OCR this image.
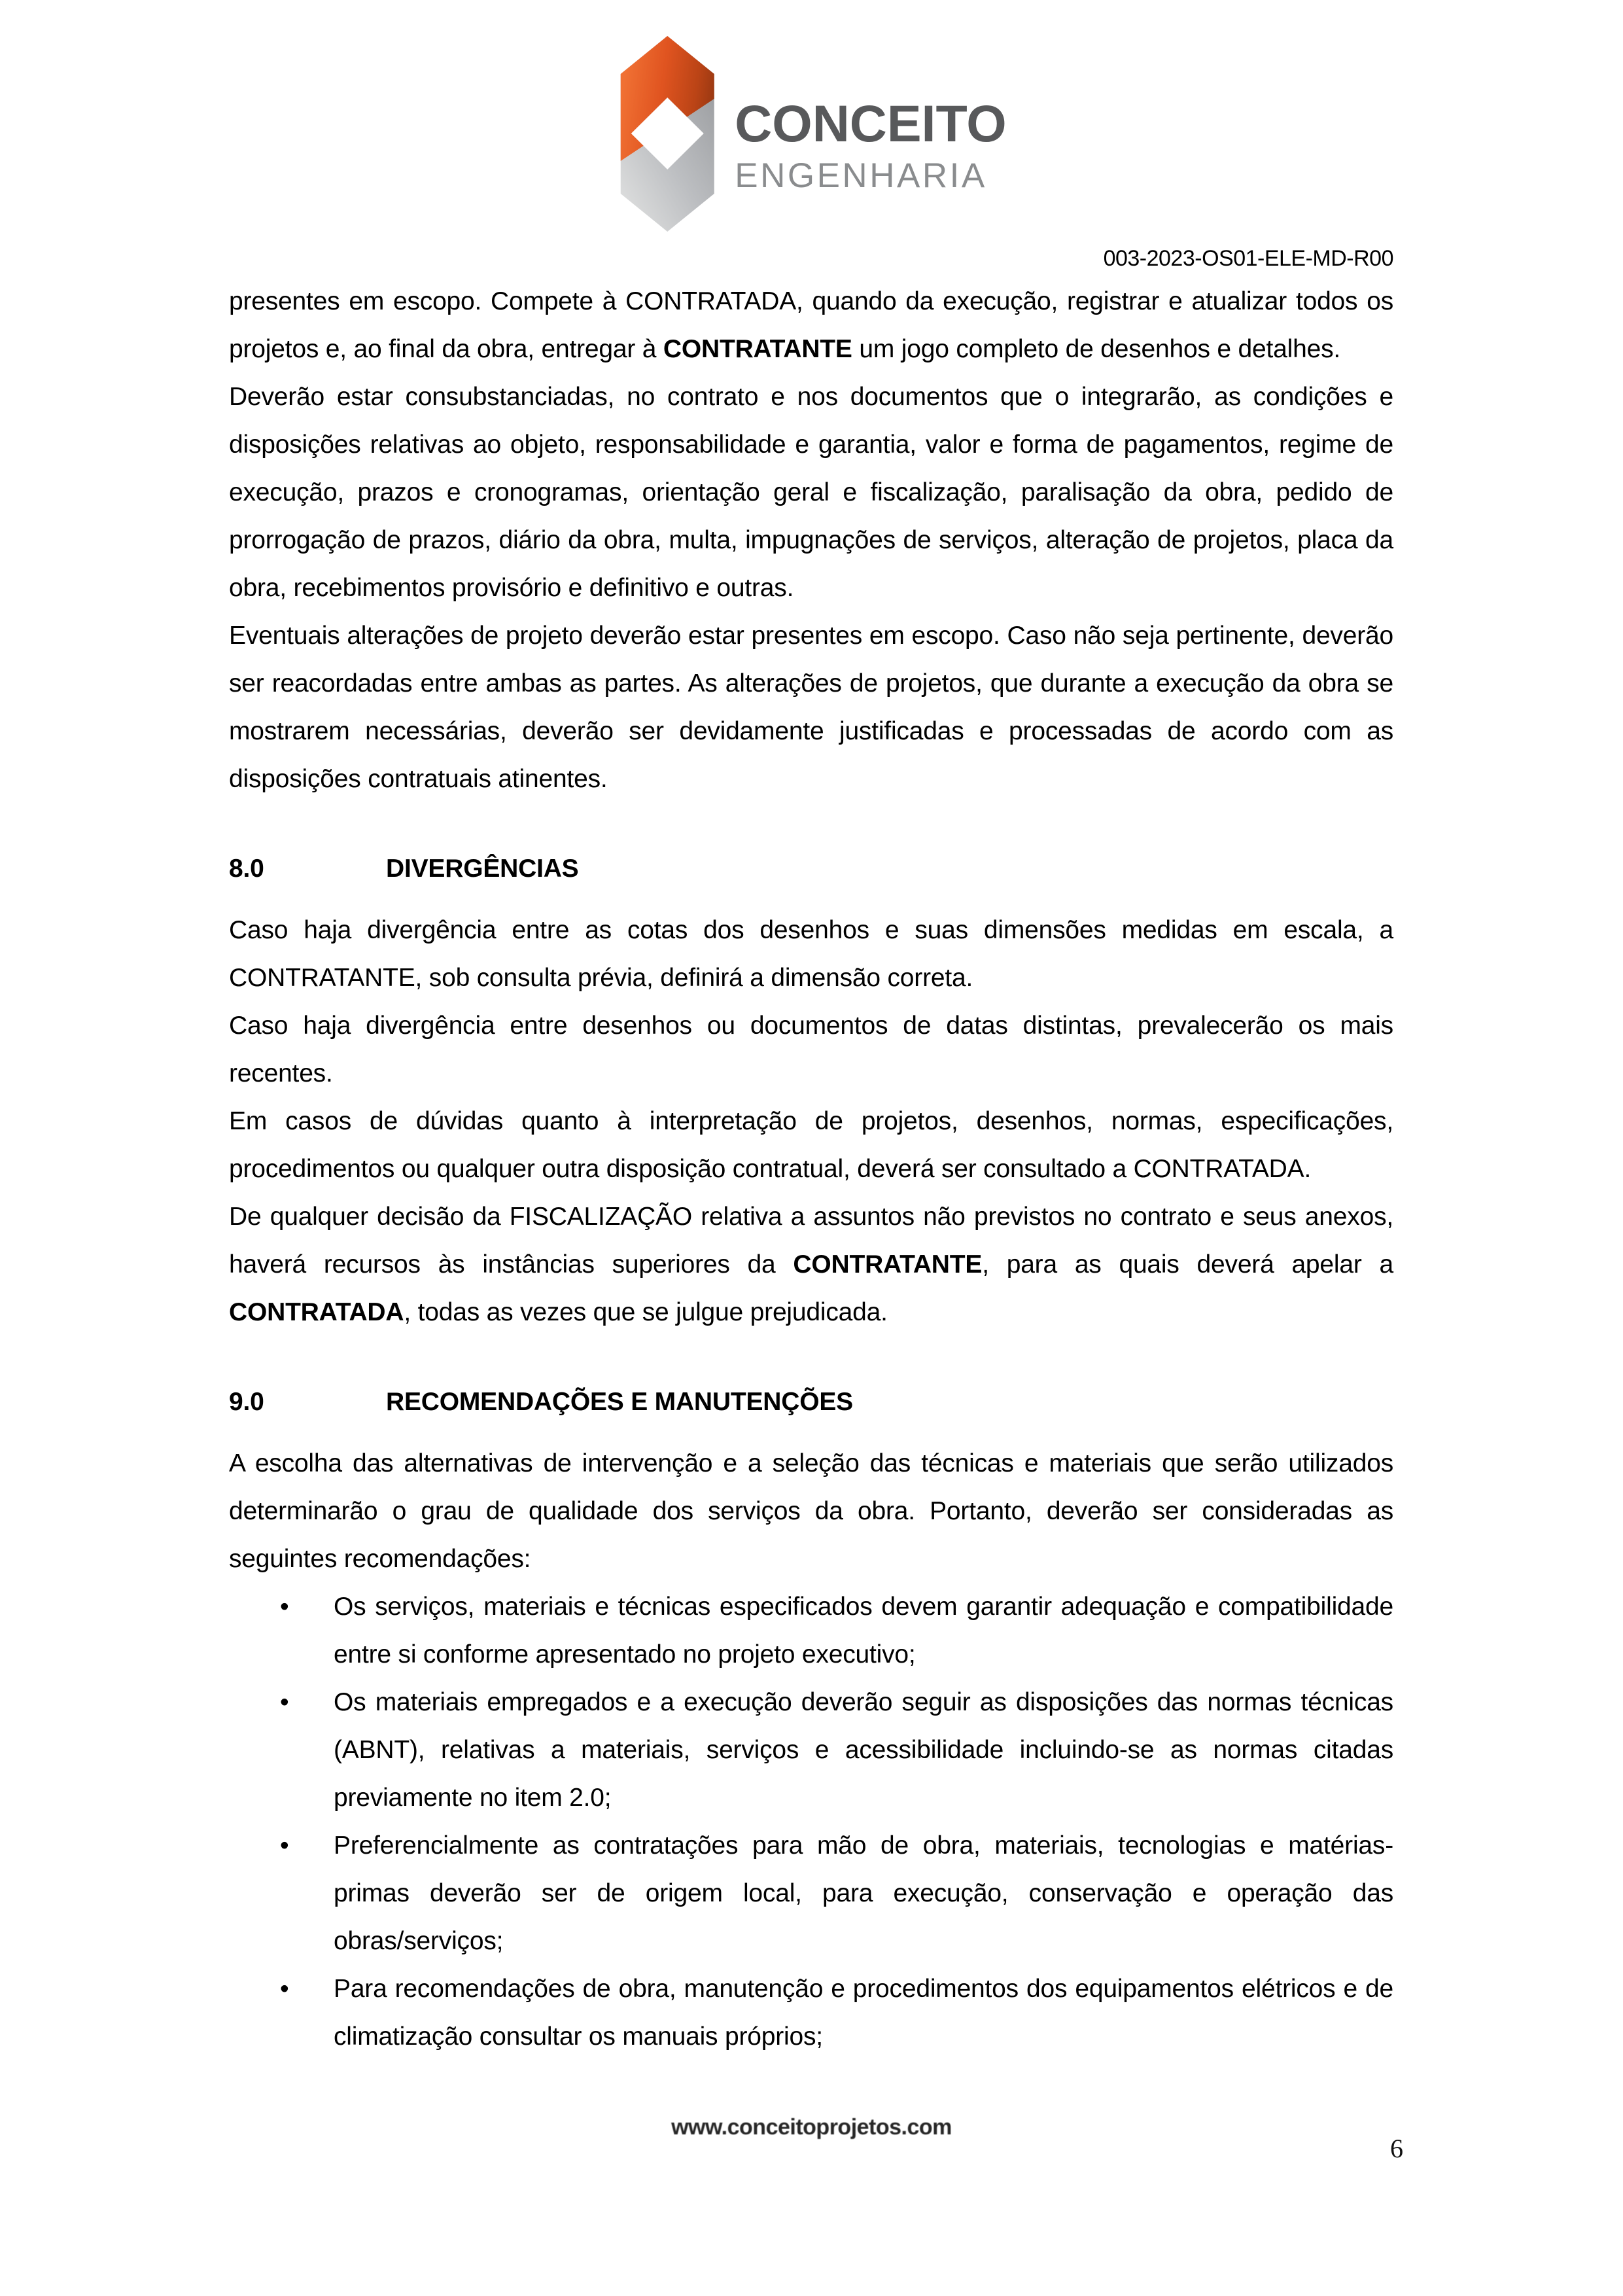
CONCEITO
ENGENHARIA
003-2023-OS01-ELE-MD-R00

presentes em escopo. Compete à CONTRATADA, quando da execução, registrar e atualizar todos os projetos e, ao final da obra, entregar à CONTRATANTE um jogo completo de desenhos e detalhes.

Deverão estar consubstanciadas, no contrato e nos documentos que o integrarão, as condições e disposições relativas ao objeto, responsabilidade e garantia, valor e forma de pagamentos, regime de execução, prazos e cronogramas, orientação geral e fiscalização, paralisação da obra, pedido de prorrogação de prazos, diário da obra, multa, impugnações de serviços, alteração de projetos, placa da obra, recebimentos provisório e definitivo e outras.

Eventuais alterações de projeto deverão estar presentes em escopo. Caso não seja pertinente, deverão ser reacordadas entre ambas as partes. As alterações de projetos, que durante a execução da obra se mostrarem necessárias, deverão ser devidamente justificadas e processadas de acordo com as disposições contratuais atinentes.

8.0	DIVERGÊNCIAS

Caso haja divergência entre as cotas dos desenhos e suas dimensões medidas em escala, a CONTRATANTE, sob consulta prévia, definirá a dimensão correta.

Caso haja divergência entre desenhos ou documentos de datas distintas, prevalecerão os mais recentes.

Em casos de dúvidas quanto à interpretação de projetos, desenhos, normas, especificações, procedimentos ou qualquer outra disposição contratual, deverá ser consultado a CONTRATADA.

De qualquer decisão da FISCALIZAÇÃO relativa a assuntos não previstos no contrato e seus anexos, haverá recursos às instâncias superiores da CONTRATANTE, para as quais deverá apelar a CONTRATADA, todas as vezes que se julgue prejudicada.

9.0	RECOMENDAÇÕES E MANUTENÇÕES

A escolha das alternativas de intervenção e a seleção das técnicas e materiais que serão utilizados determinarão o grau de qualidade dos serviços da obra. Portanto, deverão ser consideradas as seguintes recomendações:

• Os serviços, materiais e técnicas especificados devem garantir adequação e compatibilidade entre si conforme apresentado no projeto executivo;
• Os materiais empregados e a execução deverão seguir as disposições das normas técnicas (ABNT), relativas a materiais, serviços e acessibilidade incluindo-se as normas citadas previamente no item 2.0;
• Preferencialmente as contratações para mão de obra, materiais, tecnologias e matérias-primas deverão ser de origem local, para execução, conservação e operação das obras/serviços;
• Para recomendações de obra, manutenção e procedimentos dos equipamentos elétricos e de climatização consultar os manuais próprios;
www.conceitoprojetos.com
6
